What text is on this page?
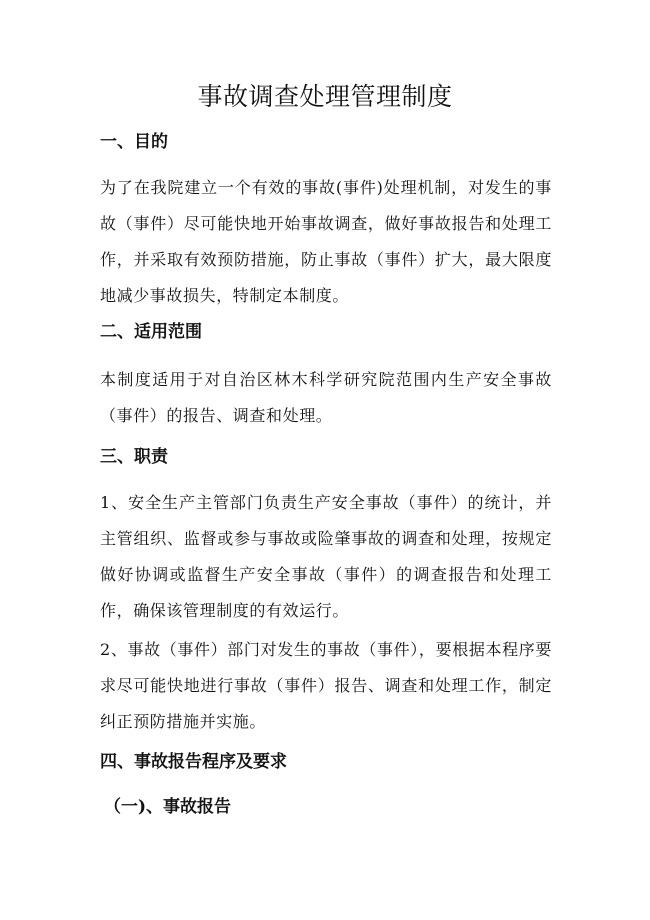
事故调查处理管理制度
一、目的
为了在我院建立一个有效的事故(事件)处理机制，对发生的事故（事件）尽可能快地开始事故调查，做好事故报告和处理工作，并采取有效预防措施，防止事故（事件）扩大，最大限度地减少事故损失，特制定本制度。
二、适用范围
本制度适用于对自治区林木科学研究院范围内生产安全事故（事件）的报告、调查和处理。
三、职责
1、安全生产主管部门负责生产安全事故（事件）的统计，并主管组织、监督或参与事故或险肇事故的调查和处理，按规定做好协调或监督生产安全事故（事件）的调查报告和处理工作，确保该管理制度的有效运行。
2、事故（事件）部门对发生的事故（事件），要根据本程序要求尽可能快地进行事故（事件）报告、调查和处理工作，制定纠正预防措施并实施。
四、事故报告程序及要求
（一)、事故报告
